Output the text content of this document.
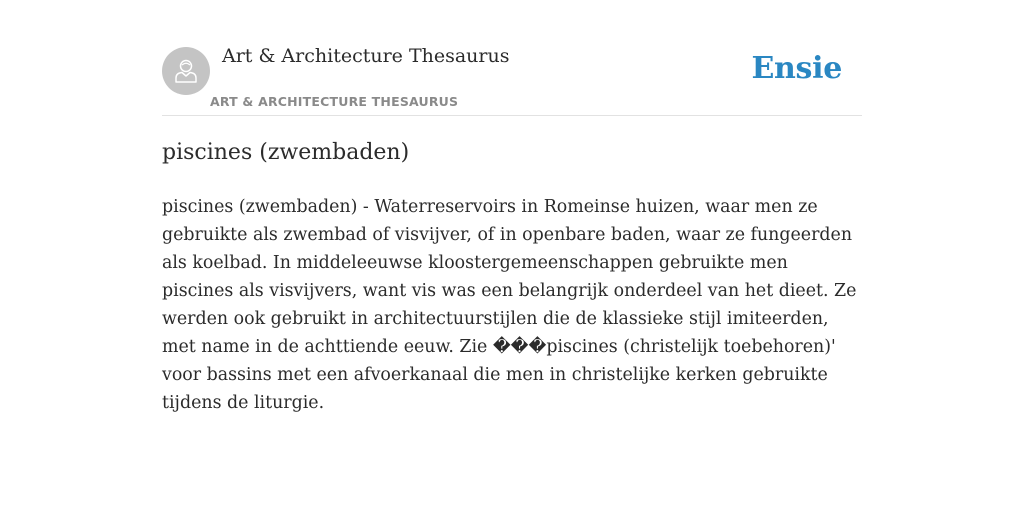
Art & Architecture Thesaurus
ART & ARCHITECTURE THESAURUS
Ensie
piscines (zwembaden)

piscines (zwembaden) - Waterreservoirs in Romeinse huizen, waar men ze gebruikte als zwembad of visvijver, of in openbare baden, waar ze fungeerden als koelbad. In middeleeuwse kloostergemeenschappen gebruikte men piscines als visvijvers, want vis was een belangrijk onderdeel van het dieet. Ze werden ook gebruikt in architectuurstijlen die de klassieke stijl imiteerden, met name in de achttiende eeuw. Zie ���piscines (christelijk toebehoren)' voor bassins met een afvoerkanaal die men in christelijke kerken gebruikte tijdens de liturgie.
